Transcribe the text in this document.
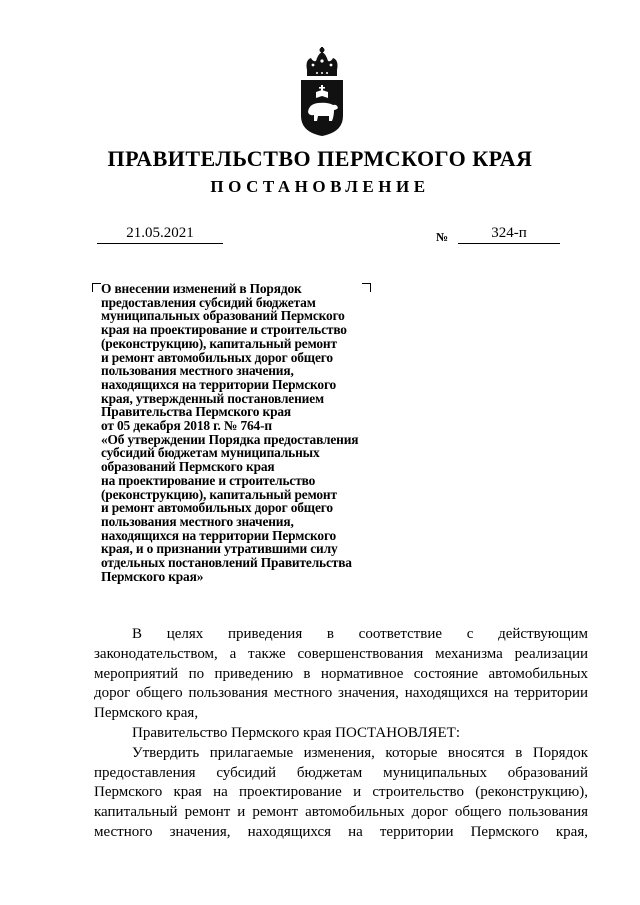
ПРАВИТЕЛЬСТВО ПЕРМСКОГО КРАЯ
ПОСТАНОВЛЕНИЕ
21.05.2021	№	324-п
О внесении изменений в Порядок
предоставления субсидий бюджетам
муниципальных образований Пермского
края на проектирование и строительство
(реконструкцию), капитальный ремонт
и ремонт автомобильных дорог общего
пользования местного значения,
находящихся на территории Пермского
края, утвержденный постановлением
Правительства Пермского края
от 05 декабря 2018 г. № 764-п
«Об утверждении Порядка предоставления
субсидий бюджетам муниципальных
образований Пермского края
на проектирование и строительство
(реконструкцию), капитальный ремонт
и ремонт автомобильных дорог общего
пользования местного значения,
находящихся на территории Пермского
края, и о признании утратившими силу
отдельных постановлений Правительства
Пермского края»
В целях приведения в соответствие с действующим
законодательством, а также совершенствования механизма реализации
мероприятий по приведению в нормативное состояние автомобильных
дорог общего пользования местного значения, находящихся на территории
Пермского края,
Правительство Пермского края ПОСТАНОВЛЯЕТ:
Утвердить прилагаемые изменения, которые вносятся в Порядок
предоставления субсидий бюджетам муниципальных образований
Пермского края на проектирование и строительство (реконструкцию),
капитальный ремонт и ремонт автомобильных дорог общего пользования
местного значения, находящихся на территории Пермского края,
